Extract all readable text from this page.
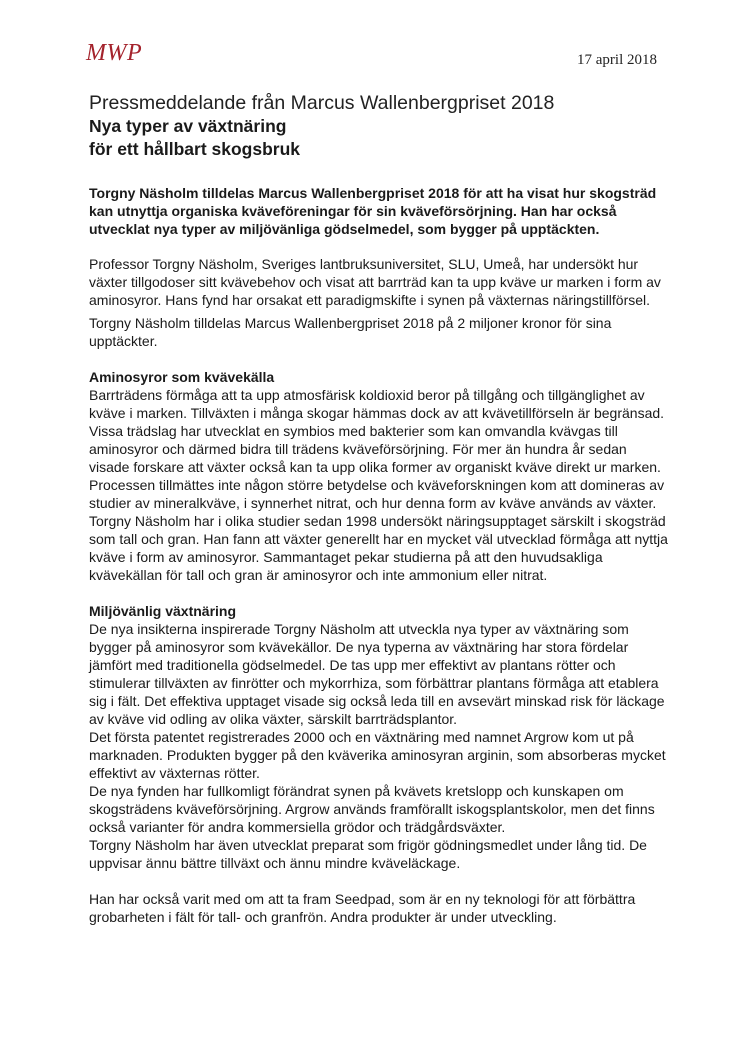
MWP	17 april 2018
Pressmeddelande från Marcus Wallenbergpriset 2018
Nya typer av växtnäring
för ett hållbart skogsbruk

Torgny Näsholm tilldelas Marcus Wallenbergpriset 2018 för att ha visat hur skogsträd kan utnyttja organiska kväveföreningar för sin kväveförsörjning. Han har också utvecklat nya typer av miljövänliga gödselmedel, som bygger på upptäckten.

Professor Torgny Näsholm, Sveriges lantbruksuniversitet, SLU, Umeå, har undersökt hur växter tillgodoser sitt kvävebehov och visat att barrträd kan ta upp kväve ur marken i form av aminosyror. Hans fynd har orsakat ett paradigmskifte i synen på växternas näringstillförsel.

Torgny Näsholm tilldelas Marcus Wallenbergpriset 2018 på 2 miljoner kronor för sina upptäckter.

Aminosyror som kvävekälla

Barrträdens förmåga att ta upp atmosfärisk koldioxid beror på tillgång och tillgänglighet av kväve i marken. Tillväxten i många skogar hämmas dock av att kvävetillförseln är begränsad. Vissa trädslag har utvecklat en symbios med bakterier som kan omvandla kvävgas till aminosyror och därmed bidra till trädens kväveförsörjning. För mer än hundra år sedan visade forskare att växter också kan ta upp olika former av organiskt kväve direkt ur marken. Processen tillmättes inte någon större betydelse och kväveforskningen kom att domineras av studier av mineralkväve, i synnerhet nitrat, och hur denna form av kväve används av växter.

Torgny Näsholm har i olika studier sedan 1998 undersökt näringsupptaget särskilt i skogsträd som tall och gran. Han fann att växter generellt har en mycket väl utvecklad förmåga att nyttja kväve i form av aminosyror. Sammantaget pekar studierna på att den huvudsakliga kvävekällan för tall och gran är aminosyror och inte ammonium eller nitrat.

Miljövänlig växtnäring

De nya insikterna inspirerade Torgny Näsholm att utveckla nya typer av växtnäring som bygger på aminosyror som kvävekällor. De nya typerna av växtnäring har stora fördelar jämfört med traditionella gödselmedel. De tas upp mer effektivt av plantans rötter och stimulerar tillväxten av finrötter och mykorrhiza, som förbättrar plantans förmåga att etablera sig i fält. Det effektiva upptaget visade sig också leda till en avsevärt minskad risk för läckage av kväve vid odling av olika växter, särskilt barrträdsplantor.

Det första patentet registrerades 2000 och en växtnäring med namnet Argrow kom ut på marknaden. Produkten bygger på den kväverika aminosyran arginin, som absorberas mycket effektivt av växternas rötter.

De nya fynden har fullkomligt förändrat synen på kvävets kretslopp och kunskapen om skogsträdens kväveförsörjning. Argrow används framförallt iskogsplantskolor, men det finns också varianter för andra kommersiella grödor och trädgårdsväxter.

Torgny Näsholm har även utvecklat preparat som frigör gödningsmedlet under lång tid. De uppvisar ännu bättre tillväxt och ännu mindre kväveläckage.

Han har också varit med om att ta fram Seedpad, som är en ny teknologi för att förbättra grobarheten i fält för tall- och granfrön. Andra produkter är under utveckling.
